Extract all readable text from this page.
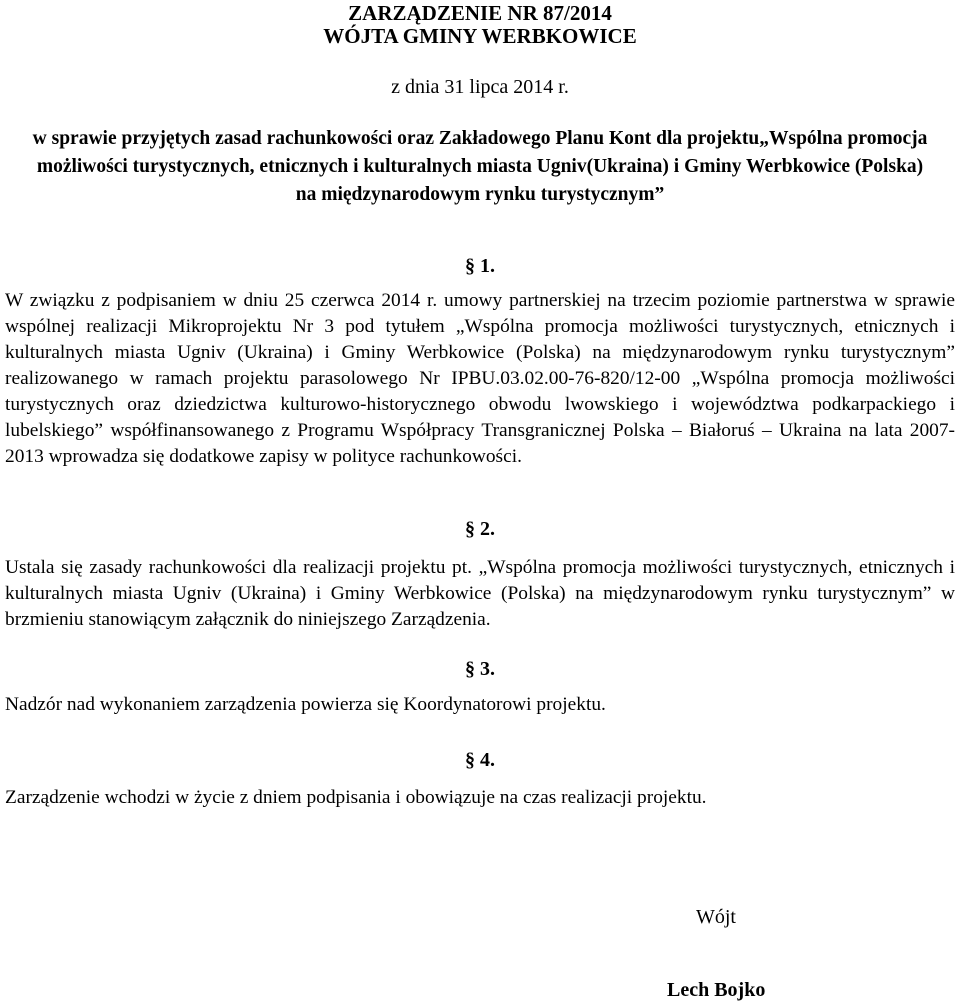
ZARZĄDZENIE NR 87/2014
WÓJTA GMINY WERBKOWICE
z dnia 31 lipca 2014 r.
w sprawie przyjętych zasad rachunkowości oraz Zakładowego Planu Kont dla projektu„Wspólna promocja możliwości turystycznych, etnicznych i kulturalnych miasta Ugniv(Ukraina) i Gminy Werbkowice (Polska) na międzynarodowym rynku turystycznym”
§ 1.
W związku z podpisaniem w dniu 25 czerwca 2014 r. umowy partnerskiej na trzecim poziomie partnerstwa w sprawie wspólnej realizacji Mikroprojektu Nr 3 pod tytułem „Wspólna promocja możliwości turystycznych, etnicznych i kulturalnych miasta Ugniv (Ukraina) i Gminy Werbkowice (Polska) na międzynarodowym rynku turystycznym” realizowanego w ramach projektu parasolowego Nr IPBU.03.02.00-76-820/12-00 „Wspólna promocja możliwości turystycznych oraz dziedzictwa kulturowo-historycznego obwodu lwowskiego i województwa podkarpackiego i lubelskiego” współfinansowanego z Programu Współpracy Transgranicznej Polska – Białoruś – Ukraina na lata 2007-2013 wprowadza się dodatkowe zapisy w polityce rachunkowości.
§ 2.
Ustala się zasady rachunkowości dla realizacji projektu pt. „Wspólna promocja możliwości turystycznych, etnicznych i kulturalnych miasta Ugniv (Ukraina) i Gminy Werbkowice (Polska) na międzynarodowym rynku turystycznym” w brzmieniu stanowiącym załącznik do niniejszego Zarządzenia.
§ 3.
Nadzór nad wykonaniem zarządzenia powierza się Koordynatorowi projektu.
§ 4.
Zarządzenie wchodzi w życie z dniem podpisania i obowiązuje na czas realizacji projektu.
Wójt
Lech Bojko
